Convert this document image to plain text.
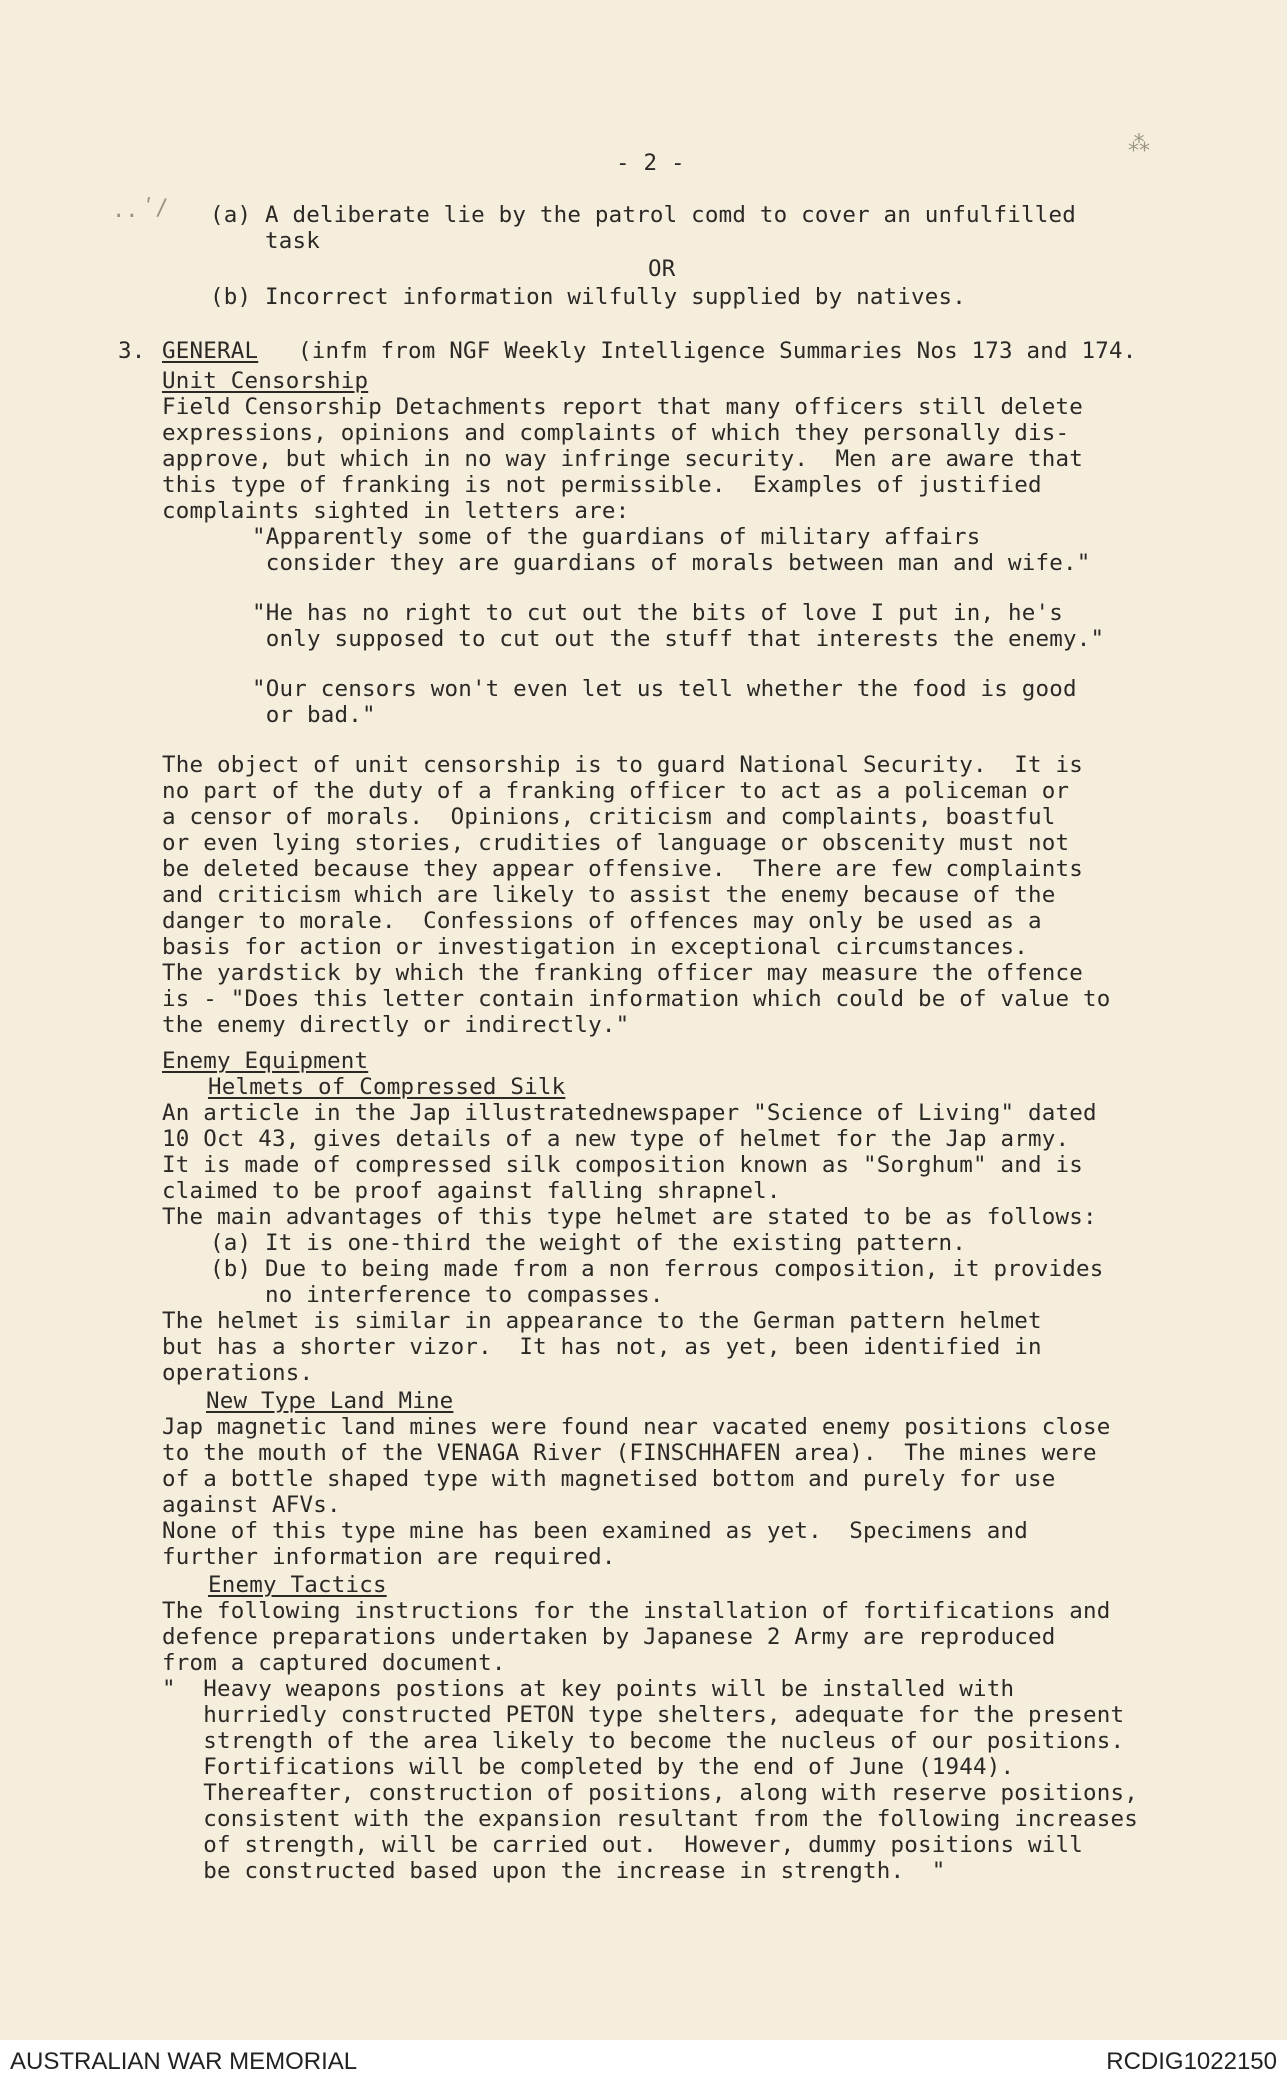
- 2 -
(a) A deliberate lie by the patrol comd to cover an unfulfilled
task
OR
(b) Incorrect information wilfully supplied by natives.
3. GENERAL (infm from NGF Weekly Intelligence Summaries Nos 173 and 174.
Unit Censorship
Field Censorship Detachments report that many officers still delete
expressions, opinions and complaints of which they personally dis-
approve, but which in no way infringe security.  Men are aware that
this type of franking is not permissible.  Examples of justified
complaints sighted in letters are:
"Apparently some of the guardians of military affairs
consider they are guardians of morals between man and wife."
"He has no right to cut out the bits of love I put in, he's
only supposed to cut out the stuff that interests the enemy."
"Our censors won't even let us tell whether the food is good
or bad."
The object of unit censorship is to guard National Security.  It is
no part of the duty of a franking officer to act as a policeman or
a censor of morals.  Opinions, criticism and complaints, boastful
or even lying stories, crudities of language or obscenity must not
be deleted because they appear offensive.  There are few complaints
and criticism which are likely to assist the enemy because of the
danger to morale.  Confessions of offences may only be used as a
basis for action or investigation in exceptional circumstances.
The yardstick by which the franking officer may measure the offence
is - "Does this letter contain information which could be of value to
the enemy directly or indirectly."
Enemy Equipment
Helmets of Compressed Silk
An article in the Jap illustratednewspaper "Science of Living" dated
10 Oct 43, gives details of a new type of helmet for the Jap army.
It is made of compressed silk composition known as "Sorghum" and is
claimed to be proof against falling shrapnel.
The main advantages of this type helmet are stated to be as follows:
(a) It is one-third the weight of the existing pattern.
(b) Due to being made from a non ferrous composition, it provides
no interference to compasses.
The helmet is similar in appearance to the German pattern helmet
but has a shorter vizor.  It has not, as yet, been identified in
operations.
New Type Land Mine
Jap magnetic land mines were found near vacated enemy positions close
to the mouth of the VENAGA River (FINSCHHAFEN area).  The mines were
of a bottle shaped type with magnetised bottom and purely for use
against AFVs.
None of this type mine has been examined as yet.  Specimens and
further information are required.
Enemy Tactics
The following instructions for the installation of fortifications and
defence preparations undertaken by Japanese 2 Army are reproduced
from a captured document.
"  Heavy weapons postions at key points will be installed with
hurriedly constructed PETON type shelters, adequate for the present
strength of the area likely to become the nucleus of our positions.
Fortifications will be completed by the end of June (1944).
Thereafter, construction of positions, along with reserve positions,
consistent with the expansion resultant from the following increases
of strength, will be carried out.  However, dummy positions will
be constructed based upon the increase in strength.  "
ʹ/
··
⁂
AUSTRALIAN WAR MEMORIAL	RCDIG1022150
